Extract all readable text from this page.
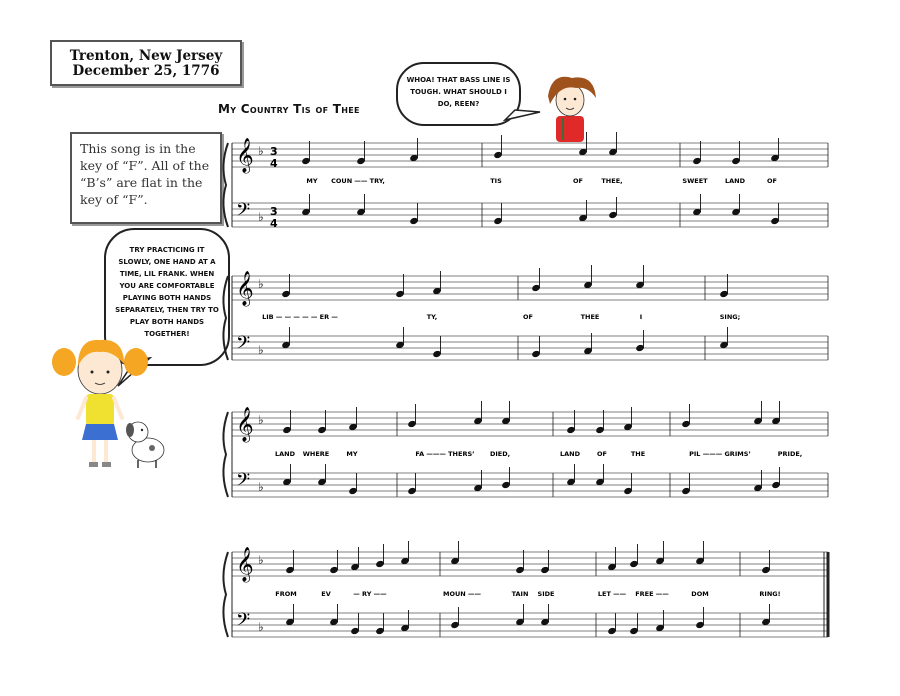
Trenton, New Jersey
December 25, 1776
My Country Tis of Thee
This song is in the key of “F”. All of the “B’s” are flat in the key of “F”.
WHOA! THAT BASS LINE IS TOUGH. WHAT SHOULD I DO, REEN?
TRY PRACTICING IT SLOWLY, ONE HAND AT A TIME, LIL FRANK. WHEN YOU ARE COMFORTABLE PLAYING BOTH HANDS SEPARATELY, THEN TRY TO PLAY BOTH HANDS TOGETHER!
𝄞 ♭ 3
4
𝄢 ♭ 3
4
MY COUN —— TRY,	TIS	OF	THEE,	SWEET	LAND	OF
𝄞 ♭
𝄢 ♭
LIB — — — — — ER —	TY,	OF	THEE	I	SING;
𝄞 ♭
𝄢 ♭
LAND WHERE	MY	FA ——— THERS’ DIED,	LAND	OF	THE	PIL ——— GRIMS’	PRIDE,
𝄞 ♭
𝄢 ♭
FROM	EV	— RY ——	MOUN ——	TAIN SIDE	LET —— FREE ——	DOM	RING!
